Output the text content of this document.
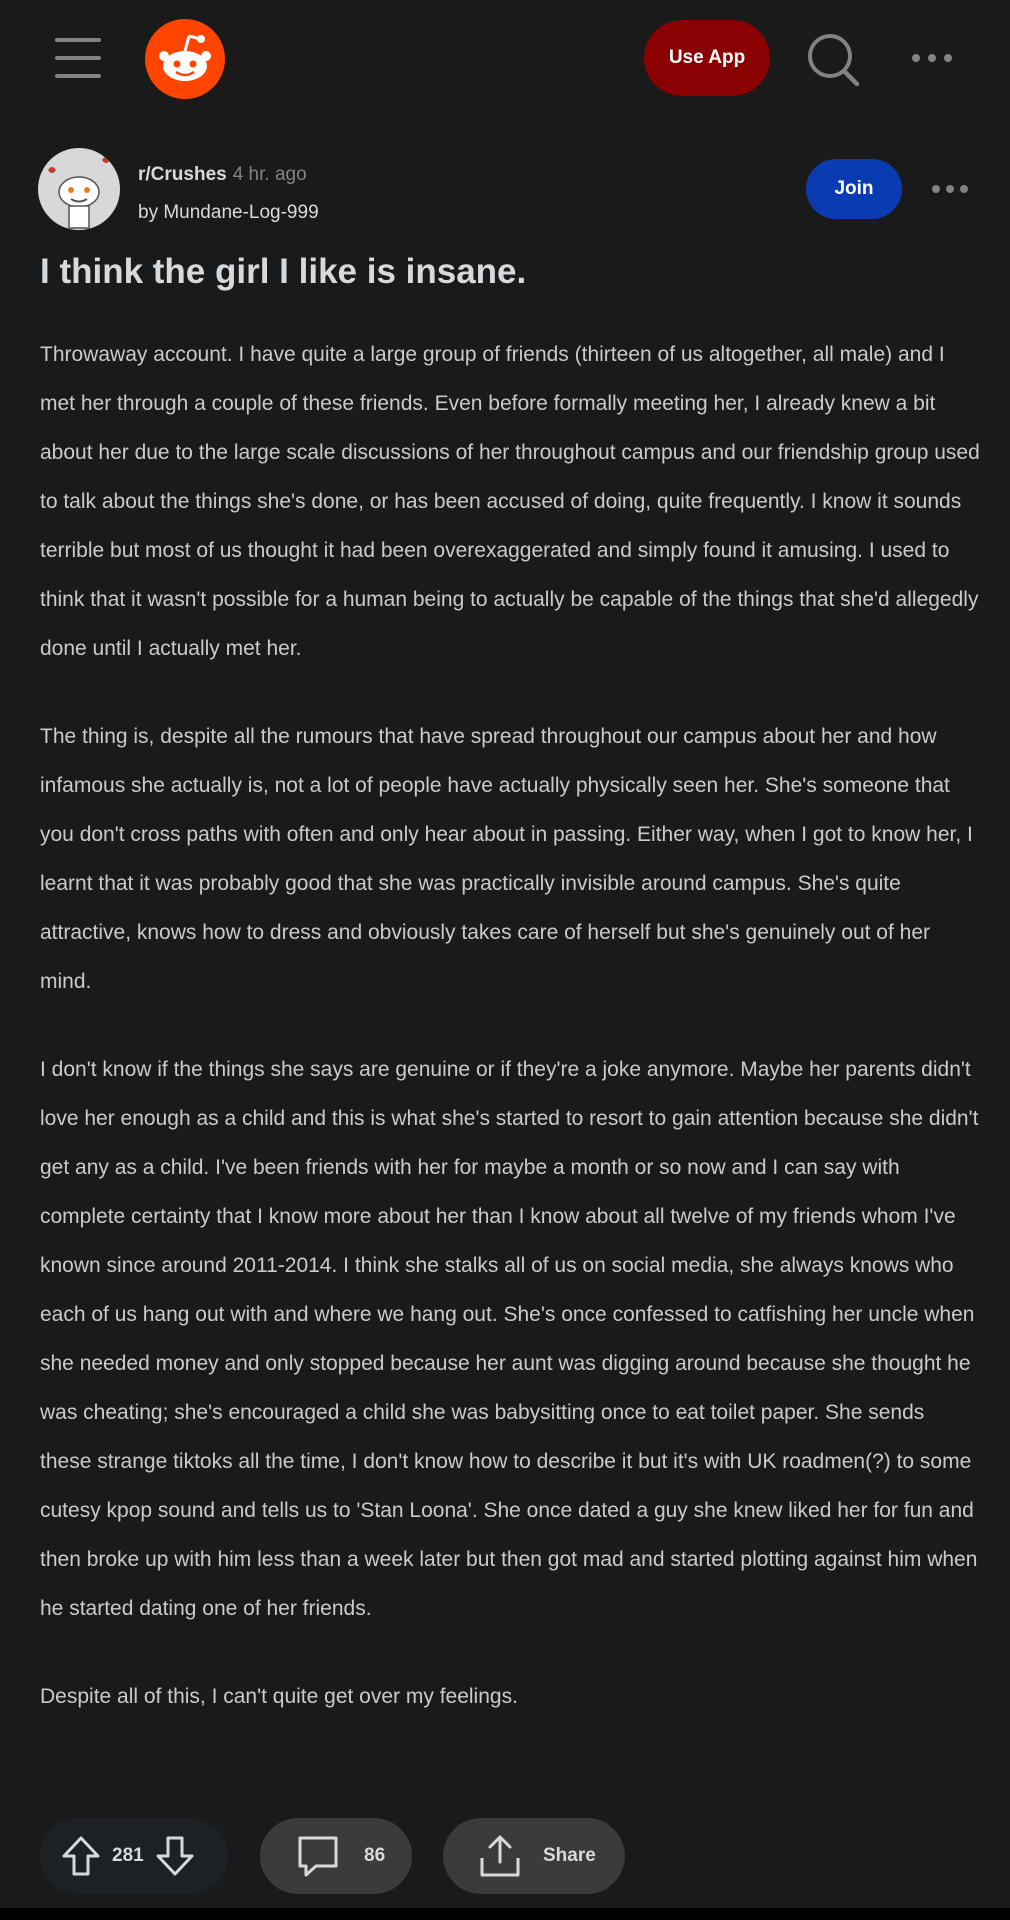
Use App
r/Crushes 4 hr. ago
by Mundane-Log-999
Join
I think the girl I like is insane.

Throwaway account. I have quite a large group of friends (thirteen of us altogether, all male) and I met her through a couple of these friends. Even before formally meeting her, I already knew a bit about her due to the large scale discussions of her throughout campus and our friendship group used to talk about the things she's done, or has been accused of doing, quite frequently. I know it sounds terrible but most of us thought it had been overexaggerated and simply found it amusing. I used to think that it wasn't possible for a human being to actually be capable of the things that she'd allegedly done until I actually met her.

The thing is, despite all the rumours that have spread throughout our campus about her and how infamous she actually is, not a lot of people have actually physically seen her. She's someone that you don't cross paths with often and only hear about in passing. Either way, when I got to know her, I learnt that it was probably good that she was practically invisible around campus. She's quite attractive, knows how to dress and obviously takes care of herself but she's genuinely out of her mind.

I don't know if the things she says are genuine or if they're a joke anymore. Maybe her parents didn't love her enough as a child and this is what she's started to resort to gain attention because she didn't get any as a child. I've been friends with her for maybe a month or so now and I can say with complete certainty that I know more about her than I know about all twelve of my friends whom I've known since around 2011-2014. I think she stalks all of us on social media, she always knows who each of us hang out with and where we hang out. She's once confessed to catfishing her uncle when she needed money and only stopped because her aunt was digging around because she thought he was cheating; she's encouraged a child she was babysitting once to eat toilet paper. She sends these strange tiktoks all the time, I don't know how to describe it but it's with UK roadmen(?) to some cutesy kpop sound and tells us to 'Stan Loona'. She once dated a guy she knew liked her for fun and then broke up with him less than a week later but then got mad and started plotting against him when he started dating one of her friends.

Despite all of this, I can't quite get over my feelings.

281	86	Share
